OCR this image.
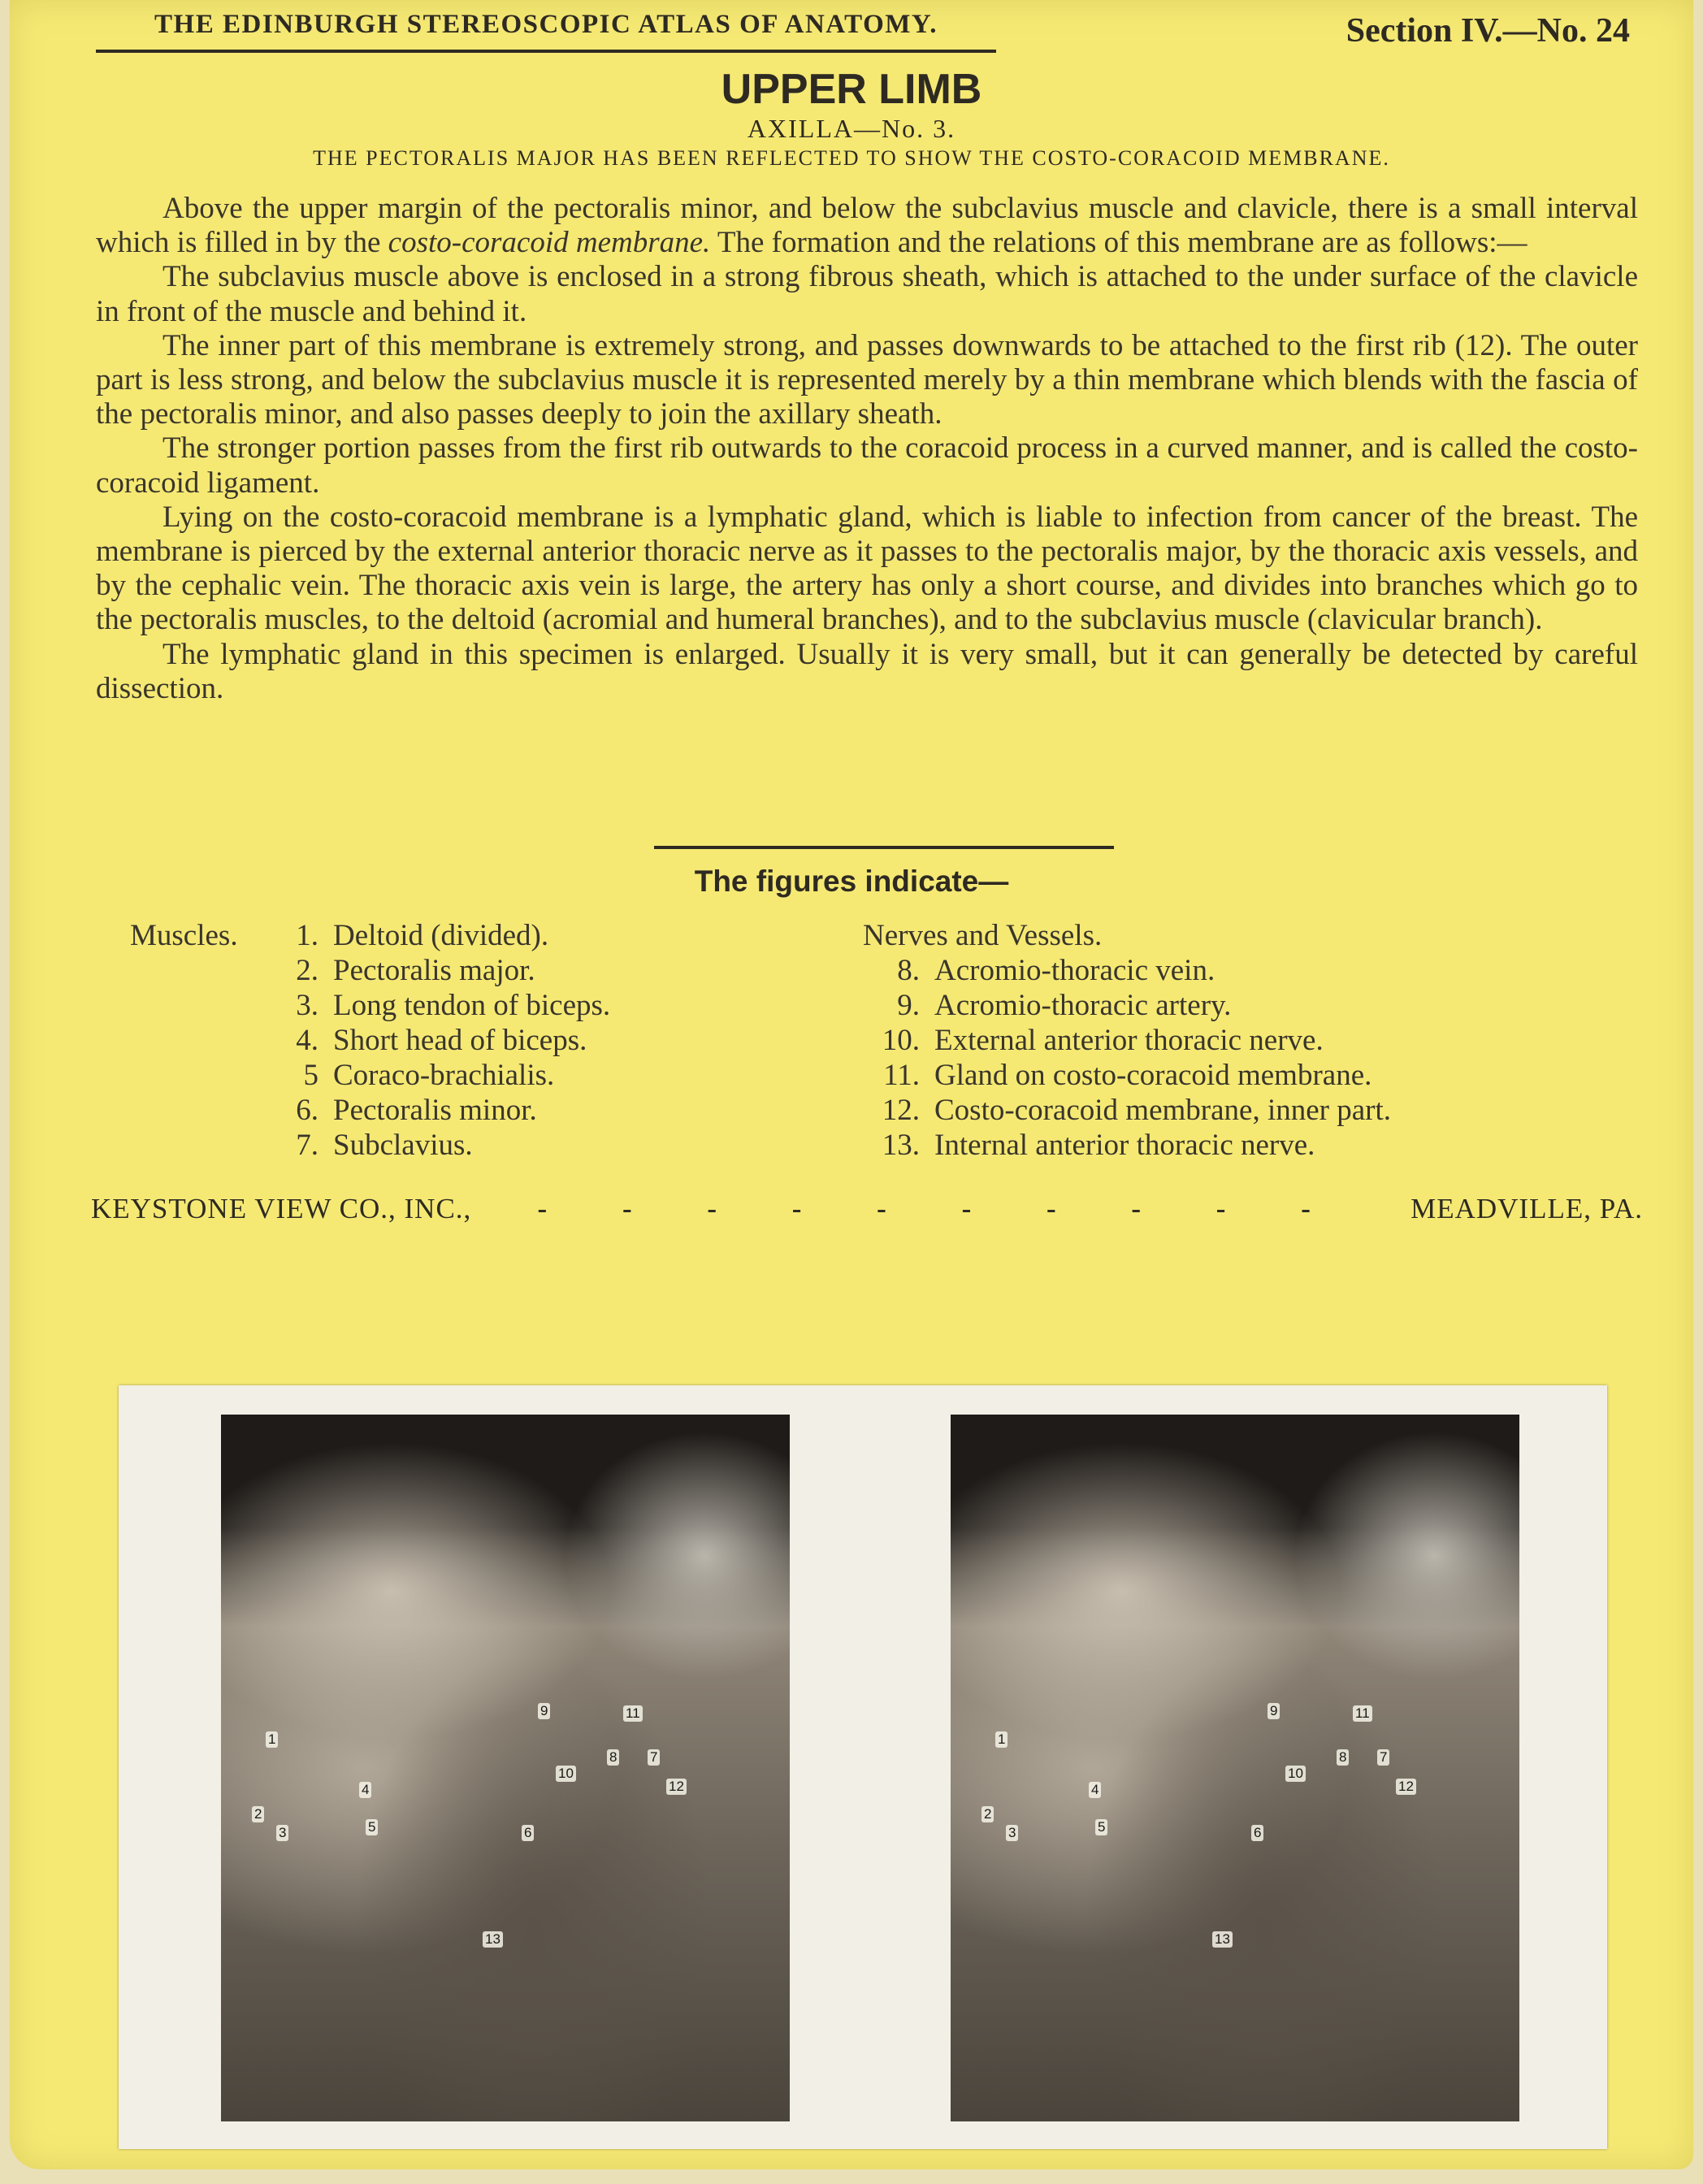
THE EDINBURGH STEREOSCOPIC ATLAS OF ANATOMY.	Section IV.—No. 24
UPPER LIMB
AXILLA—No. 3.
THE PECTORALIS MAJOR HAS BEEN REFLECTED TO SHOW THE COSTO-CORACOID MEMBRANE.

Above the upper margin of the pectoralis minor, and below the subclavius muscle and clavicle, there is a small interval which is filled in by the costo-coracoid membrane. The formation and the relations of this membrane are as follows:—

The subclavius muscle above is enclosed in a strong fibrous sheath, which is attached to the under surface of the clavicle in front of the muscle and behind it.

The inner part of this membrane is extremely strong, and passes downwards to be attached to the first rib (12). The outer part is less strong, and below the subclavius muscle it is represented merely by a thin membrane which blends with the fascia of the pectoralis minor, and also passes deeply to join the axillary sheath.

The stronger portion passes from the first rib outwards to the coracoid process in a curved manner, and is called the costo-coracoid ligament.

Lying on the costo-coracoid membrane is a lymphatic gland, which is liable to infection from cancer of the breast. The membrane is pierced by the external anterior thoracic nerve as it passes to the pectoralis major, by the thoracic axis vessels, and by the cephalic vein. The thoracic axis vein is large, the artery has only a short course, and divides into branches which go to the pectoralis muscles, to the deltoid (acromial and humeral branches), and to the subclavius muscle (clavicular branch).

The lymphatic gland in this specimen is enlarged. Usually it is very small, but it can generally be detected by careful dissection.

The figures indicate—
Muscles.	1. Deltoid (divided).
2. Pectoralis major.
3. Long tendon of biceps.
4. Short head of biceps.
5 Coraco-brachialis.
6. Pectoralis minor.
7. Subclavius.
Nerves and Vessels.
8. Acromio-thoracic vein.
9. Acromio-thoracic artery.
10. External anterior thoracic nerve.
11. Gland on costo-coracoid membrane.
12. Costo-coracoid membrane, inner part.
13. Internal anterior thoracic nerve.
KEYSTONE VIEW CO., INC.,	- - - - - - - - - -	MEADVILLE, PA.
1
2
3
4
5	6
7
8
9
10
11
12
13
1
2
3
4
5	6
7
8
9
10
11
12
13
